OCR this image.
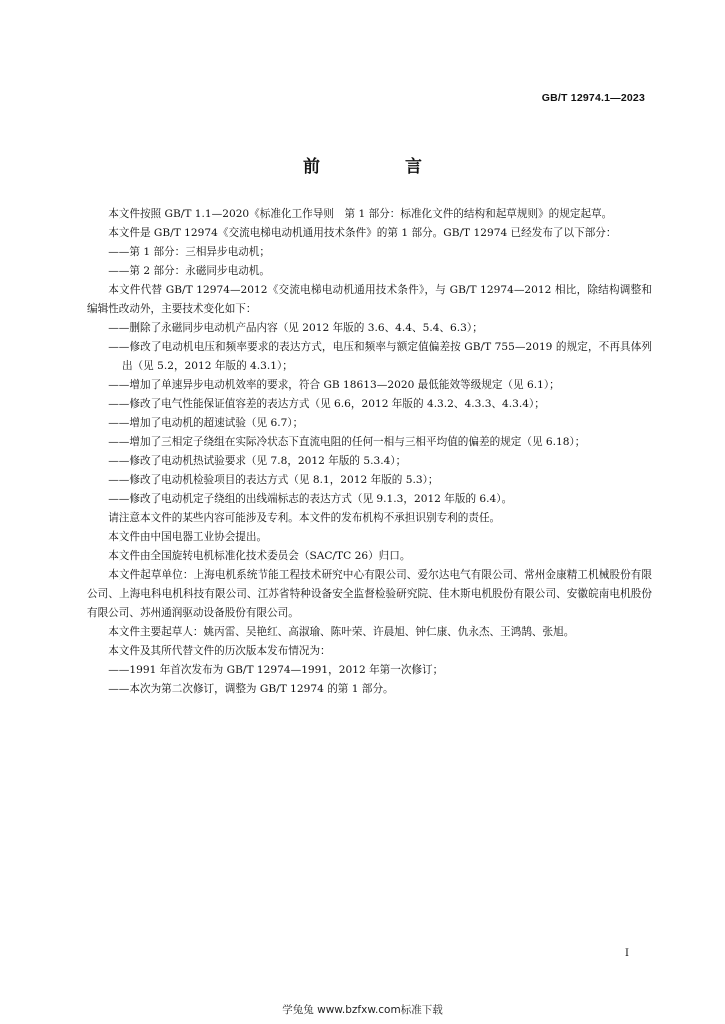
GB/T 12974.1—2023
前　言

本文件按照 GB/T 1.1—2020《标准化工作导则　第 1 部分：标准化文件的结构和起草规则》的规定起草。

本文件是 GB/T 12974《交流电梯电动机通用技术条件》的第 1 部分。GB/T 12974 已经发布了以下部分：

——第 1 部分：三相异步电动机；

——第 2 部分：永磁同步电动机。

本文件代替 GB/T 12974—2012《交流电梯电动机通用技术条件》，与 GB/T 12974—2012 相比，除结构调整和编辑性改动外，主要技术变化如下：

——删除了永磁同步电动机产品内容（见 2012 年版的 3.6、4.4、5.4、6.3）；

——修改了电动机电压和频率要求的表达方式，电压和频率与额定值偏差按 GB/T 755—2019 的规定，不再具体列出（见 5.2，2012 年版的 4.3.1）；

——增加了单速异步电动机效率的要求，符合 GB 18613—2020 最低能效等级规定（见 6.1）；

——修改了电气性能保证值容差的表达方式（见 6.6，2012 年版的 4.3.2、4.3.3、4.3.4）；

——增加了电动机的超速试验（见 6.7）；

——增加了三相定子绕组在实际冷状态下直流电阻的任何一相与三相平均值的偏差的规定（见 6.18）；

——修改了电动机热试验要求（见 7.8，2012 年版的 5.3.4）；

——修改了电动机检验项目的表达方式（见 8.1，2012 年版的 5.3）；

——修改了电动机定子绕组的出线端标志的表达方式（见 9.1.3，2012 年版的 6.4）。

请注意本文件的某些内容可能涉及专利。本文件的发布机构不承担识别专利的责任。

本文件由中国电器工业协会提出。

本文件由全国旋转电机标准化技术委员会（SAC/TC 26）归口。

本文件起草单位：上海电机系统节能工程技术研究中心有限公司、爱尔达电气有限公司、常州金康精工机械股份有限公司、上海电科电机科技有限公司、江苏省特种设备安全监督检验研究院、佳木斯电机股份有限公司、安徽皖南电机股份有限公司、苏州通润驱动设备股份有限公司。

本文件主要起草人：姚丙雷、吴艳红、高淑瑜、陈叶荣、许晨旭、钟仁康、仇永杰、王鸿鹄、张旭。

本文件及其所代替文件的历次版本发布情况为：

——1991 年首次发布为 GB/T 12974—1991，2012 年第一次修订；

——本次为第二次修订，调整为 GB/T 12974 的第 1 部分。

I
学兔兔 www.bzfxw.com标准下载
